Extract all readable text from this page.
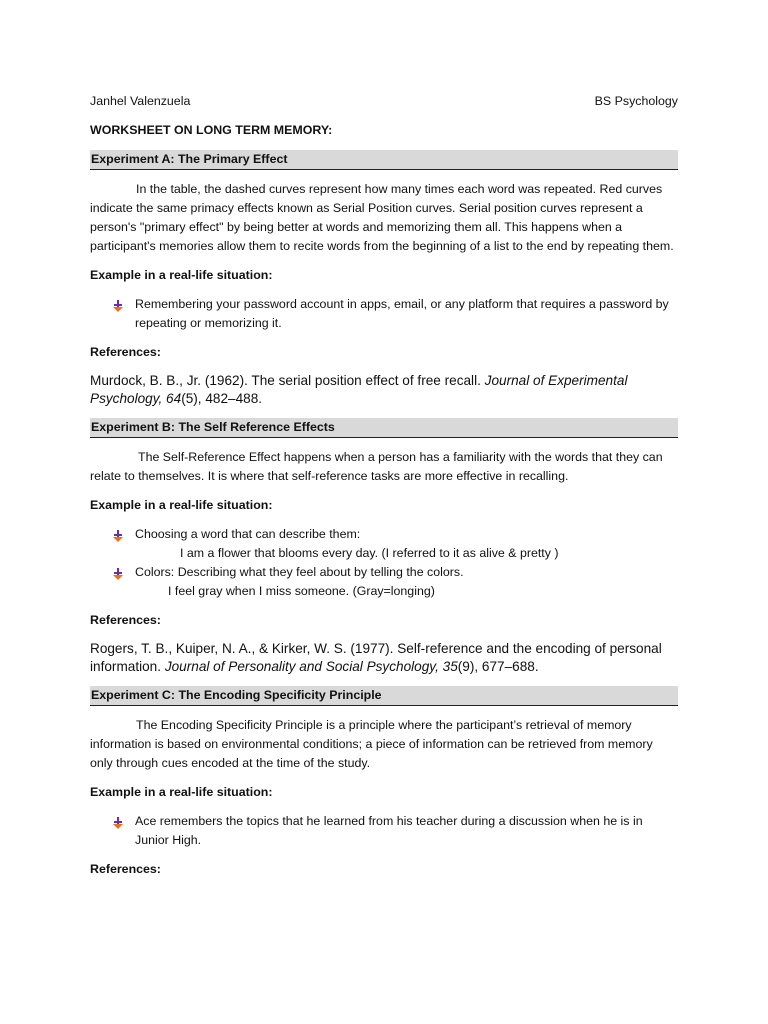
Janhel Valenzuela	BS Psychology
WORKSHEET ON LONG TERM MEMORY:
Experiment A: The Primary Effect

In the table, the dashed curves represent how many times each word was repeated. Red curves indicate the same primacy effects known as Serial Position curves. Serial position curves represent a person's "primary effect" by being better at words and memorizing them all. This happens when a participant's memories allow them to recite words from the beginning of a list to the end by repeating them.

Example in a real-life situation:
Remembering your password account in apps, email, or any platform that requires a password by repeating or memorizing it.
References:
Murdock, B. B., Jr. (1962). The serial position effect of free recall. Journal of Experimental Psychology, 64(5), 482–488.
Experiment B: The Self Reference Effects

The Self-Reference Effect happens when a person has a familiarity with the words that they can relate to themselves. It is where that self-reference tasks are more effective in recalling.

Example in a real-life situation:
Choosing a word that can describe them:
I am a flower that blooms every day. (I referred to it as alive & pretty )
Colors: Describing what they feel about by telling the colors.
I feel gray when I miss someone. (Gray=longing)
References:
Rogers, T. B., Kuiper, N. A., & Kirker, W. S. (1977). Self-reference and the encoding of personal information. Journal of Personality and Social Psychology, 35(9), 677–688.
Experiment C: The Encoding Specificity Principle

The Encoding Specificity Principle is a principle where the participant’s retrieval of memory information is based on environmental conditions; a piece of information can be retrieved from memory only through cues encoded at the time of the study.

Example in a real-life situation:
Ace remembers the topics that he learned from his teacher during a discussion when he is in Junior High.
References:
